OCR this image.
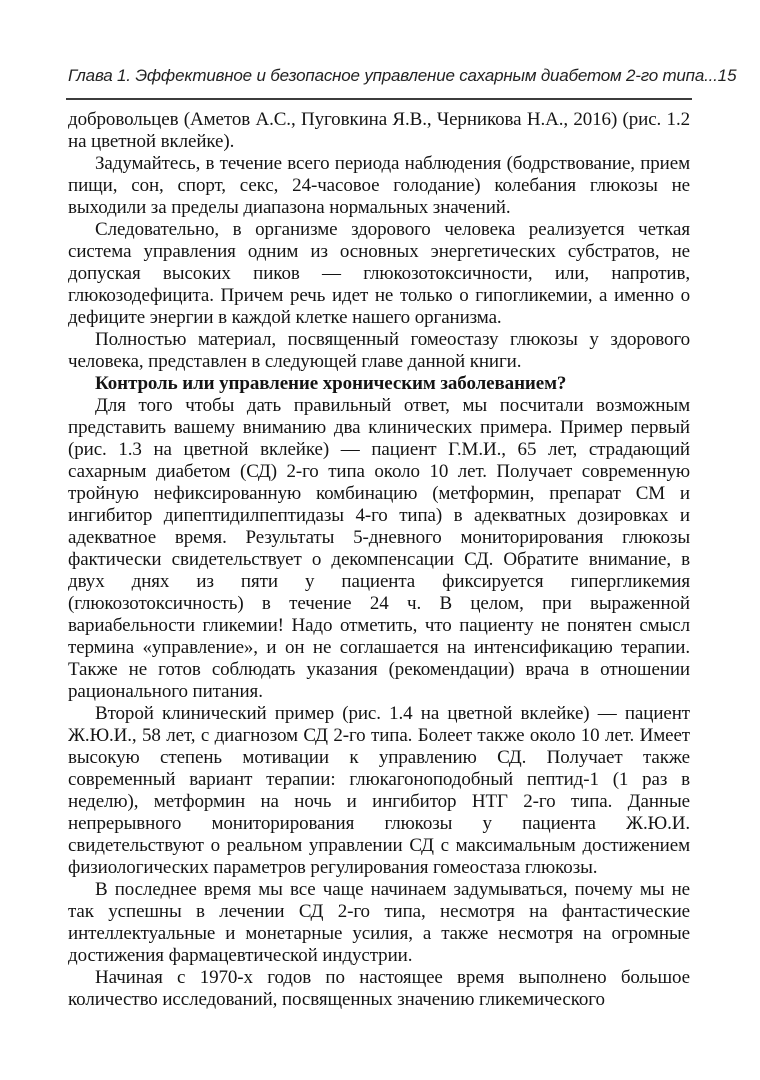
Глава 1. Эффективное и безопасное управление сахарным диабетом 2-го типа... 15

добровольцев (Аметов А.С., Пуговкина Я.В., Черникова Н.А., 2016) (рис. 1.2 на цветной вклейке).

Задумайтесь, в течение всего периода наблюдения (бодрствование, прием пищи, сон, спорт, секс, 24-часовое голодание) колебания глюкозы не выходили за пределы диапазона нормальных значений.

Следовательно, в организме здорового человека реализуется четкая система управления одним из основных энергетических субстратов, не допуская высоких пиков — глюкозотоксичности, или, напротив, глюкозодефицита. Причем речь идет не только о гипогликемии, а именно о дефиците энергии в каждой клетке нашего организма.

Полностью материал, посвященный гомеостазу глюкозы у здорового человека, представлен в следующей главе данной книги.

Контроль или управление хроническим заболеванием?

Для того чтобы дать правильный ответ, мы посчитали возможным представить вашему вниманию два клинических примера. Пример первый (рис. 1.3 на цветной вклейке) — пациент Г.М.И., 65 лет, страдающий сахарным диабетом (СД) 2-го типа около 10 лет. Получает современную тройную нефиксированную комбинацию (метформин, препарат СМ и ингибитор дипептидилпептидазы 4-го типа) в адекватных дозировках и адекватное время. Результаты 5-дневного мониторирования глюкозы фактически свидетельствует о декомпенсации СД. Обратите внимание, в двух днях из пяти у пациента фиксируется гипергликемия (глюкозотоксичность) в течение 24 ч. В целом, при выраженной вариабельности гликемии! Надо отметить, что пациенту не понятен смысл термина «управление», и он не соглашается на интенсификацию терапии. Также не готов соблюдать указания (рекомендации) врача в отношении рационального питания.

Второй клинический пример (рис. 1.4 на цветной вклейке) — пациент Ж.Ю.И., 58 лет, с диагнозом СД 2-го типа. Болеет также около 10 лет. Имеет высокую степень мотивации к управлению СД. Получает также современный вариант терапии: глюкагоноподобный пептид-1 (1 раз в неделю), метформин на ночь и ингибитор НТГ 2-го типа. Данные непрерывного мониторирования глюкозы у пациента Ж.Ю.И. свидетельствуют о реальном управлении СД с максимальным достижением физиологических параметров регулирования гомеостаза глюкозы.

В последнее время мы все чаще начинаем задумываться, почему мы не так успешны в лечении СД 2-го типа, несмотря на фантастические интеллектуальные и монетарные усилия, а также несмотря на огромные достижения фармацевтической индустрии.

Начиная с 1970-х годов по настоящее время выполнено большое количество исследований, посвященных значению гликемического
